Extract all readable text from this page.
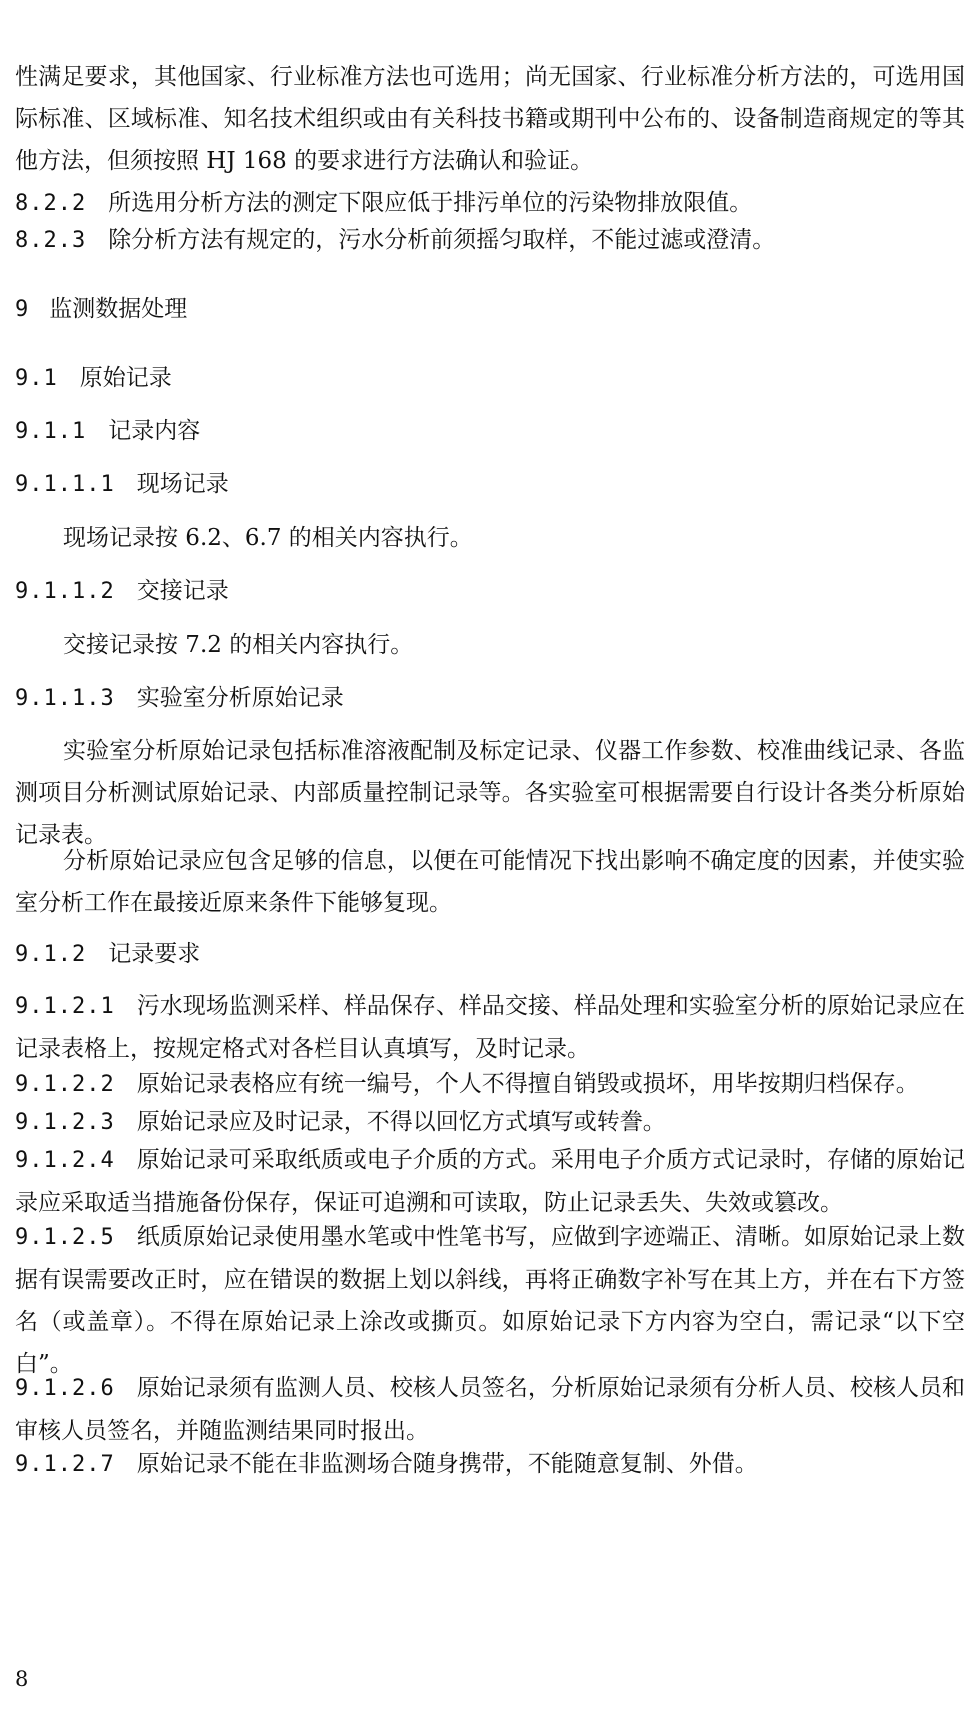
性满足要求，其他国家、行业标准方法也可选用；尚无国家、行业标准分析方法的，可选用国际标准、区域标准、知名技术组织或由有关科技书籍或期刊中公布的、设备制造商规定的等其他方法，但须按照 HJ 168 的要求进行方法确认和验证。

8.2.2 所选用分析方法的测定下限应低于排污单位的污染物排放限值。

8.2.3 除分析方法有规定的，污水分析前须摇匀取样，不能过滤或澄清。

9 监测数据处理

9.1 原始记录

9.1.1 记录内容

9.1.1.1 现场记录

现场记录按 6.2、6.7 的相关内容执行。

9.1.1.2 交接记录

交接记录按 7.2 的相关内容执行。

9.1.1.3 实验室分析原始记录

实验室分析原始记录包括标准溶液配制及标定记录、仪器工作参数、校准曲线记录、各监测项目分析测试原始记录、内部质量控制记录等。各实验室可根据需要自行设计各类分析原始记录表。

分析原始记录应包含足够的信息，以便在可能情况下找出影响不确定度的因素，并使实验室分析工作在最接近原来条件下能够复现。

9.1.2 记录要求

9.1.2.1 污水现场监测采样、样品保存、样品交接、样品处理和实验室分析的原始记录应在记录表格上，按规定格式对各栏目认真填写，及时记录。

9.1.2.2 原始记录表格应有统一编号，个人不得擅自销毁或损坏，用毕按期归档保存。

9.1.2.3 原始记录应及时记录，不得以回忆方式填写或转誊。

9.1.2.4 原始记录可采取纸质或电子介质的方式。采用电子介质方式记录时，存储的原始记录应采取适当措施备份保存，保证可追溯和可读取，防止记录丢失、失效或篡改。

9.1.2.5 纸质原始记录使用墨水笔或中性笔书写，应做到字迹端正、清晰。如原始记录上数据有误需要改正时，应在错误的数据上划以斜线，再将正确数字补写在其上方，并在右下方签名（或盖章）。不得在原始记录上涂改或撕页。如原始记录下方内容为空白，需记录“以下空白”。

9.1.2.6 原始记录须有监测人员、校核人员签名，分析原始记录须有分析人员、校核人员和审核人员签名，并随监测结果同时报出。

9.1.2.7 原始记录不能在非监测场合随身携带，不能随意复制、外借。

8
